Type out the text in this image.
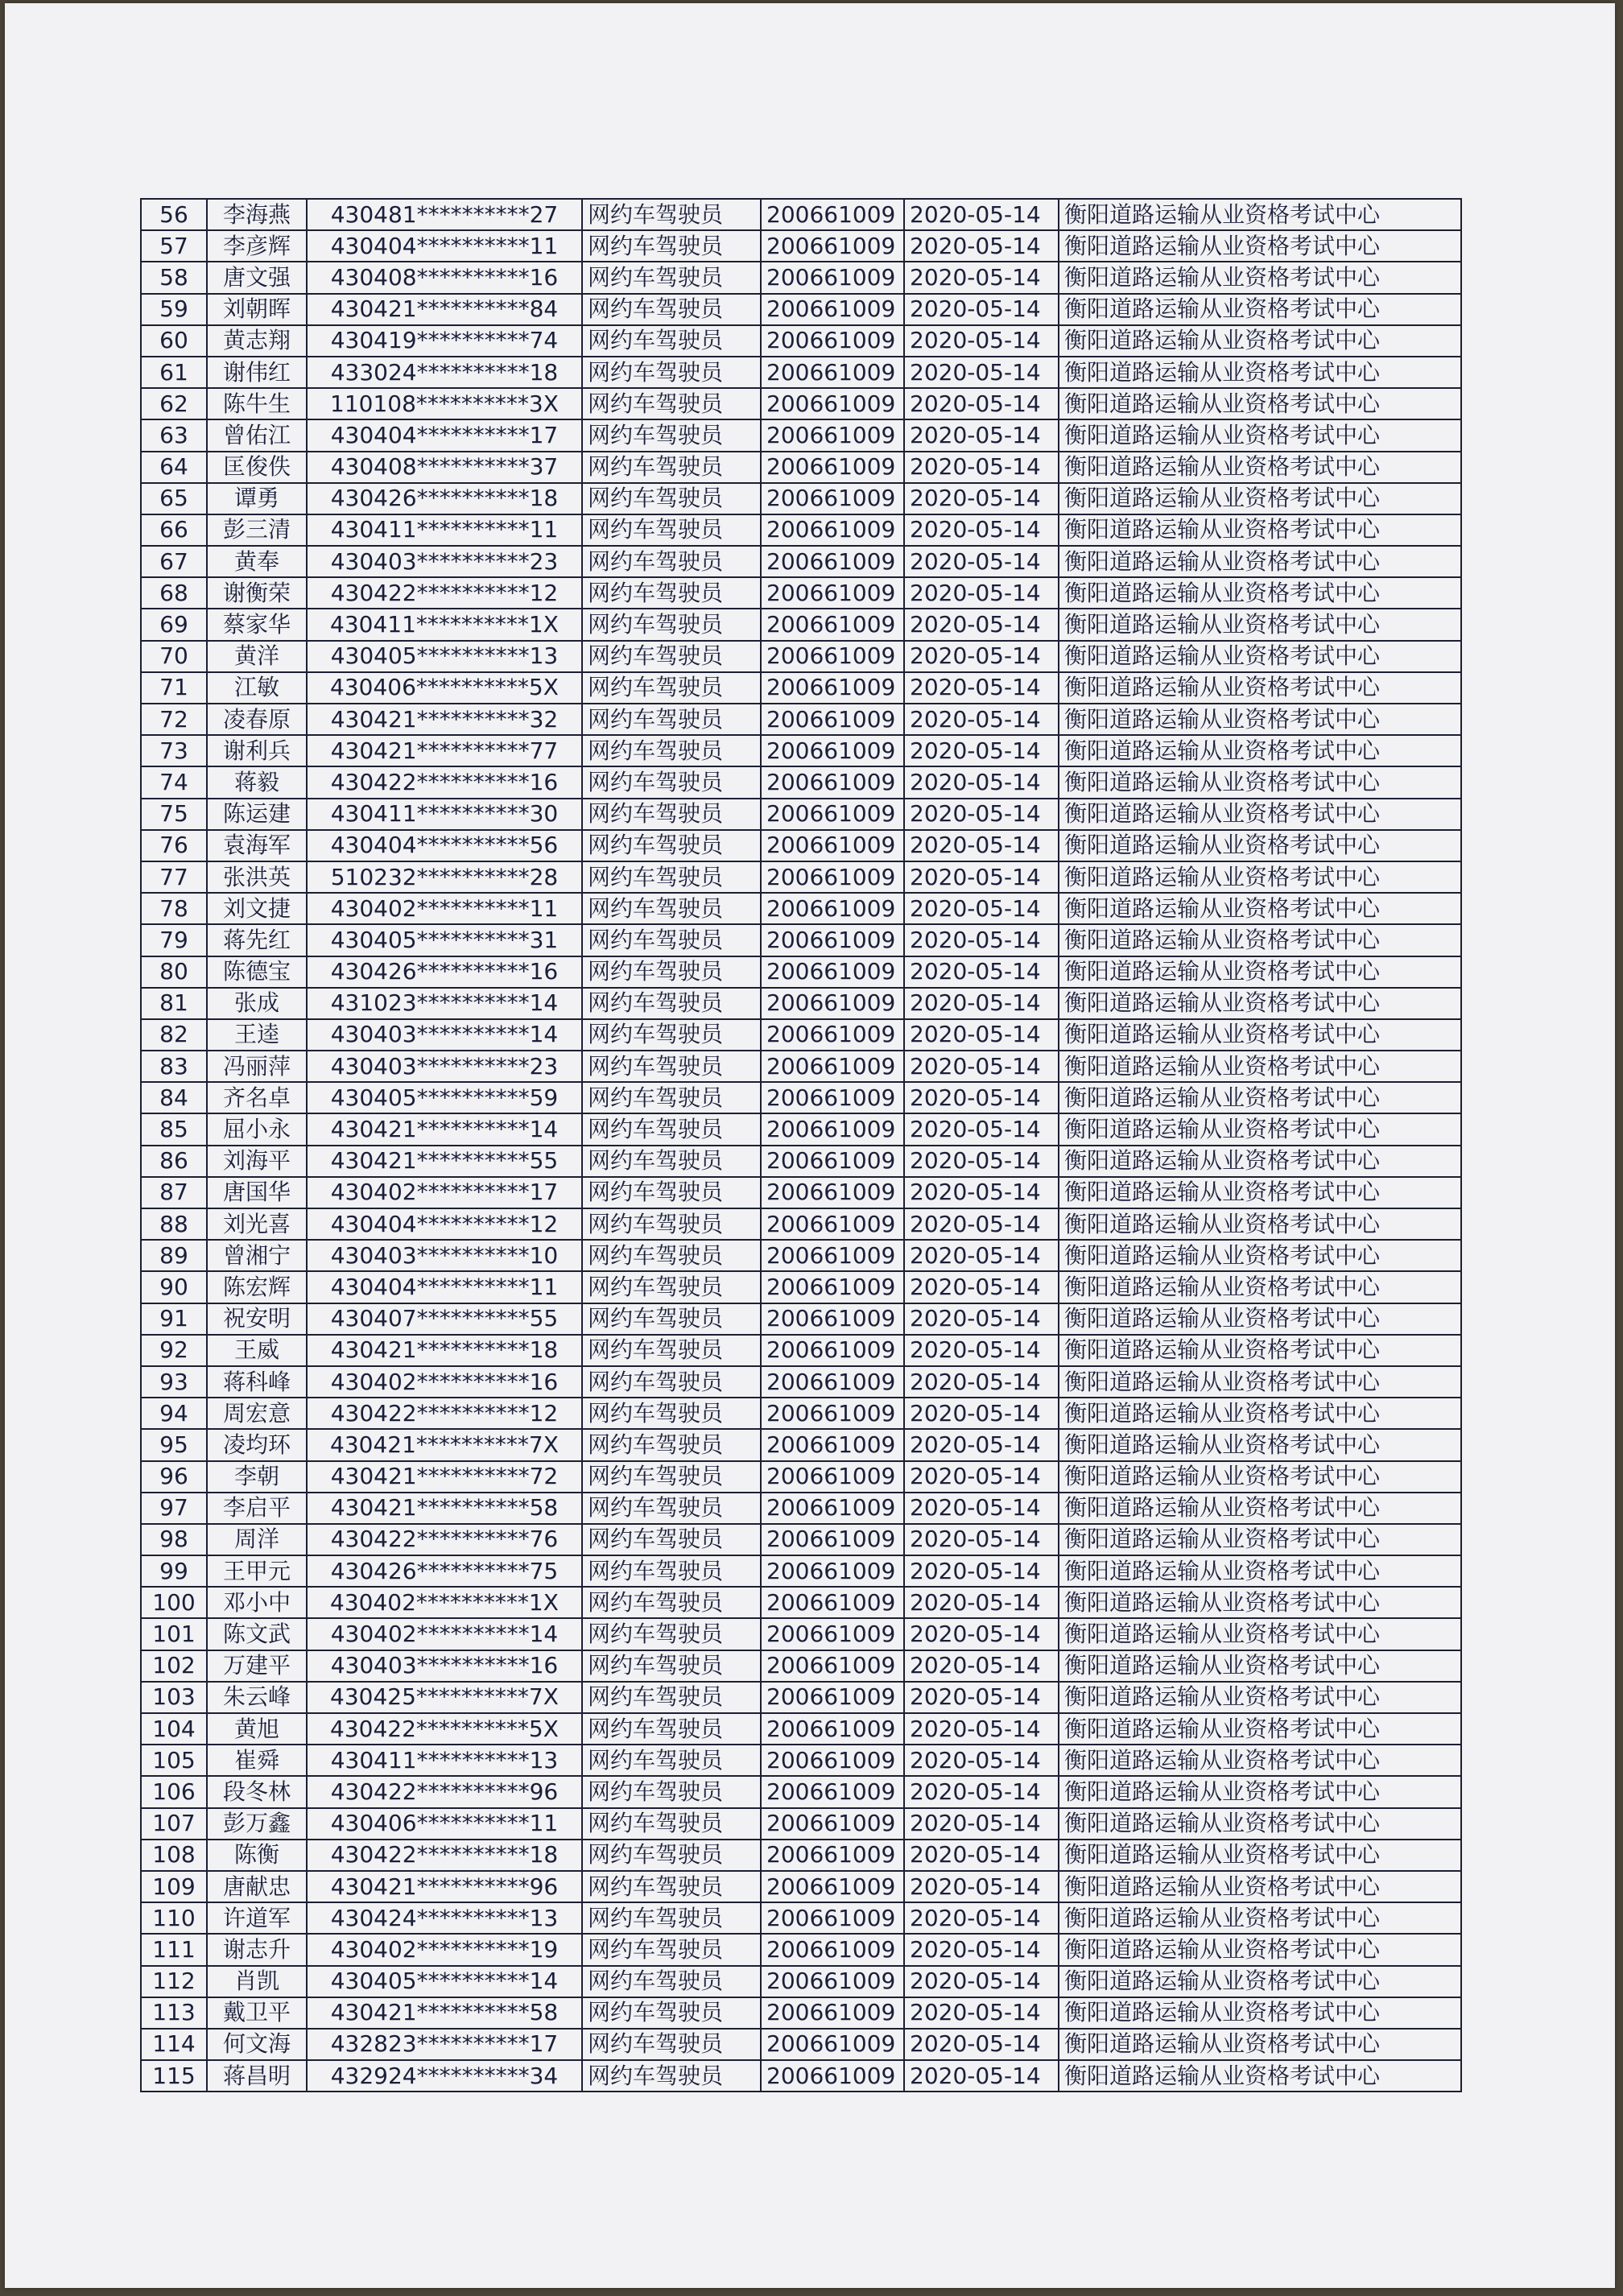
56	李海燕	430481**********27	网约车驾驶员	200661009	2020-05-14	衡阳道路运输从业资格考试中心
57	李彦辉	430404**********11	网约车驾驶员	200661009	2020-05-14	衡阳道路运输从业资格考试中心
58	唐文强	430408**********16	网约车驾驶员	200661009	2020-05-14	衡阳道路运输从业资格考试中心
59	刘朝晖	430421**********84	网约车驾驶员	200661009	2020-05-14	衡阳道路运输从业资格考试中心
60	黄志翔	430419**********74	网约车驾驶员	200661009	2020-05-14	衡阳道路运输从业资格考试中心
61	谢伟红	433024**********18	网约车驾驶员	200661009	2020-05-14	衡阳道路运输从业资格考试中心
62	陈牛生	110108**********3X	网约车驾驶员	200661009	2020-05-14	衡阳道路运输从业资格考试中心
63	曾佑江	430404**********17	网约车驾驶员	200661009	2020-05-14	衡阳道路运输从业资格考试中心
64	匡俊佚	430408**********37	网约车驾驶员	200661009	2020-05-14	衡阳道路运输从业资格考试中心
65	谭勇	430426**********18	网约车驾驶员	200661009	2020-05-14	衡阳道路运输从业资格考试中心
66	彭三清	430411**********11	网约车驾驶员	200661009	2020-05-14	衡阳道路运输从业资格考试中心
67	黄奉	430403**********23	网约车驾驶员	200661009	2020-05-14	衡阳道路运输从业资格考试中心
68	谢衡荣	430422**********12	网约车驾驶员	200661009	2020-05-14	衡阳道路运输从业资格考试中心
69	蔡家华	430411**********1X	网约车驾驶员	200661009	2020-05-14	衡阳道路运输从业资格考试中心
70	黄洋	430405**********13	网约车驾驶员	200661009	2020-05-14	衡阳道路运输从业资格考试中心
71	江敏	430406**********5X	网约车驾驶员	200661009	2020-05-14	衡阳道路运输从业资格考试中心
72	凌春原	430421**********32	网约车驾驶员	200661009	2020-05-14	衡阳道路运输从业资格考试中心
73	谢利兵	430421**********77	网约车驾驶员	200661009	2020-05-14	衡阳道路运输从业资格考试中心
74	蒋毅	430422**********16	网约车驾驶员	200661009	2020-05-14	衡阳道路运输从业资格考试中心
75	陈运建	430411**********30	网约车驾驶员	200661009	2020-05-14	衡阳道路运输从业资格考试中心
76	袁海军	430404**********56	网约车驾驶员	200661009	2020-05-14	衡阳道路运输从业资格考试中心
77	张洪英	510232**********28	网约车驾驶员	200661009	2020-05-14	衡阳道路运输从业资格考试中心
78	刘文捷	430402**********11	网约车驾驶员	200661009	2020-05-14	衡阳道路运输从业资格考试中心
79	蒋先红	430405**********31	网约车驾驶员	200661009	2020-05-14	衡阳道路运输从业资格考试中心
80	陈德宝	430426**********16	网约车驾驶员	200661009	2020-05-14	衡阳道路运输从业资格考试中心
81	张成	431023**********14	网约车驾驶员	200661009	2020-05-14	衡阳道路运输从业资格考试中心
82	王逵	430403**********14	网约车驾驶员	200661009	2020-05-14	衡阳道路运输从业资格考试中心
83	冯丽萍	430403**********23	网约车驾驶员	200661009	2020-05-14	衡阳道路运输从业资格考试中心
84	齐名卓	430405**********59	网约车驾驶员	200661009	2020-05-14	衡阳道路运输从业资格考试中心
85	屈小永	430421**********14	网约车驾驶员	200661009	2020-05-14	衡阳道路运输从业资格考试中心
86	刘海平	430421**********55	网约车驾驶员	200661009	2020-05-14	衡阳道路运输从业资格考试中心
87	唐国华	430402**********17	网约车驾驶员	200661009	2020-05-14	衡阳道路运输从业资格考试中心
88	刘光喜	430404**********12	网约车驾驶员	200661009	2020-05-14	衡阳道路运输从业资格考试中心
89	曾湘宁	430403**********10	网约车驾驶员	200661009	2020-05-14	衡阳道路运输从业资格考试中心
90	陈宏辉	430404**********11	网约车驾驶员	200661009	2020-05-14	衡阳道路运输从业资格考试中心
91	祝安明	430407**********55	网约车驾驶员	200661009	2020-05-14	衡阳道路运输从业资格考试中心
92	王威	430421**********18	网约车驾驶员	200661009	2020-05-14	衡阳道路运输从业资格考试中心
93	蒋科峰	430402**********16	网约车驾驶员	200661009	2020-05-14	衡阳道路运输从业资格考试中心
94	周宏意	430422**********12	网约车驾驶员	200661009	2020-05-14	衡阳道路运输从业资格考试中心
95	凌均环	430421**********7X	网约车驾驶员	200661009	2020-05-14	衡阳道路运输从业资格考试中心
96	李朝	430421**********72	网约车驾驶员	200661009	2020-05-14	衡阳道路运输从业资格考试中心
97	李启平	430421**********58	网约车驾驶员	200661009	2020-05-14	衡阳道路运输从业资格考试中心
98	周洋	430422**********76	网约车驾驶员	200661009	2020-05-14	衡阳道路运输从业资格考试中心
99	王甲元	430426**********75	网约车驾驶员	200661009	2020-05-14	衡阳道路运输从业资格考试中心
100	邓小中	430402**********1X	网约车驾驶员	200661009	2020-05-14	衡阳道路运输从业资格考试中心
101	陈文武	430402**********14	网约车驾驶员	200661009	2020-05-14	衡阳道路运输从业资格考试中心
102	万建平	430403**********16	网约车驾驶员	200661009	2020-05-14	衡阳道路运输从业资格考试中心
103	朱云峰	430425**********7X	网约车驾驶员	200661009	2020-05-14	衡阳道路运输从业资格考试中心
104	黄旭	430422**********5X	网约车驾驶员	200661009	2020-05-14	衡阳道路运输从业资格考试中心
105	崔舜	430411**********13	网约车驾驶员	200661009	2020-05-14	衡阳道路运输从业资格考试中心
106	段冬林	430422**********96	网约车驾驶员	200661009	2020-05-14	衡阳道路运输从业资格考试中心
107	彭万鑫	430406**********11	网约车驾驶员	200661009	2020-05-14	衡阳道路运输从业资格考试中心
108	陈衡	430422**********18	网约车驾驶员	200661009	2020-05-14	衡阳道路运输从业资格考试中心
109	唐献忠	430421**********96	网约车驾驶员	200661009	2020-05-14	衡阳道路运输从业资格考试中心
110	许道军	430424**********13	网约车驾驶员	200661009	2020-05-14	衡阳道路运输从业资格考试中心
111	谢志升	430402**********19	网约车驾驶员	200661009	2020-05-14	衡阳道路运输从业资格考试中心
112	肖凯	430405**********14	网约车驾驶员	200661009	2020-05-14	衡阳道路运输从业资格考试中心
113	戴卫平	430421**********58	网约车驾驶员	200661009	2020-05-14	衡阳道路运输从业资格考试中心
114	何文海	432823**********17	网约车驾驶员	200661009	2020-05-14	衡阳道路运输从业资格考试中心
115	蒋昌明	432924**********34	网约车驾驶员	200661009	2020-05-14	衡阳道路运输从业资格考试中心
